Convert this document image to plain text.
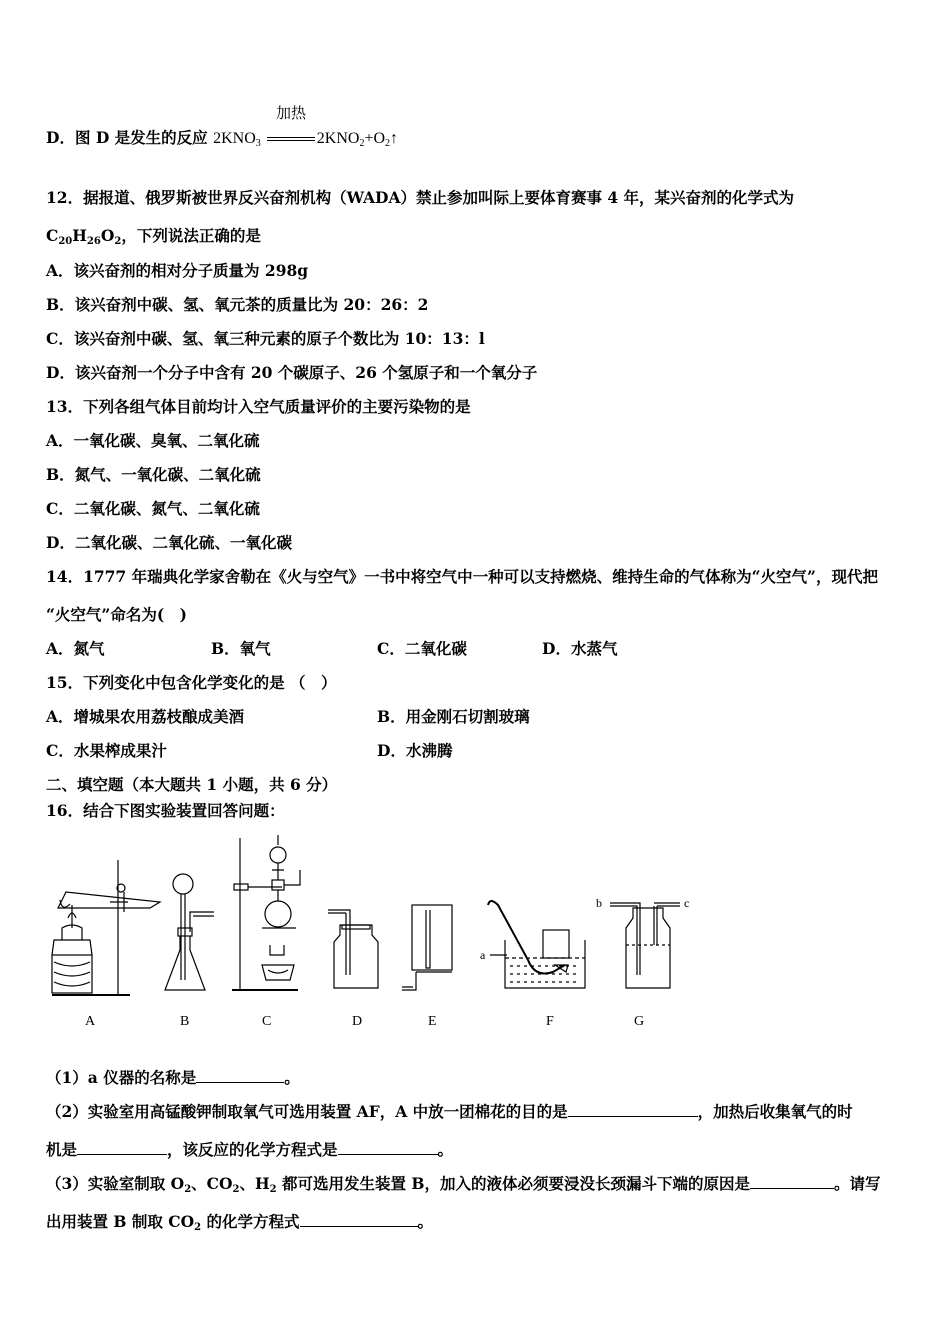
D．图 D 是发生的反应 $2KNO_3$	$2KNO_2+O_2↑$
加热
12．据报道、俄罗斯被世界反兴奋剂机构（WADA）禁止参加叫际上要体育赛事 4 年，某兴奋剂的化学式为
$C_{20}H_{26}O_2$，下列说法正确的是
A．该兴奋剂的相对分子质量为 298g
B．该兴奋剂中碳、氢、氧元茶的质量比为 20：26：2
C．该兴奋剂中碳、氢、氧三种元素的原子个数比为 10：13：l
D．该兴奋剂一个分子中含有 20 个碳原子、26 个氢原子和一个氧分子
13．下列各组气体目前均计入空气质量评价的主要污染物的是
A．一氧化碳、臭氧、二氧化硫
B．氮气、一氧化碳、二氧化硫
C．二氧化碳、氮气、二氧化硫
D．二氧化碳、二氧化硫、一氧化碳
14．1777 年瑞典化学家舍勒在《火与空气》一书中将空气中一种可以支持燃烧、维持生命的气体称为“火空气”，现代把
“火空气”命名为(　)
A．氮气	B．氧气	C．二氧化碳	D．水蒸气
15．下列变化中包含化学变化的是 （　）
A．增城果农用荔枝酿成美酒	B．用金刚石切割玻璃
C．水果榨成果汁	D．水沸腾
二、填空题（本大题共 1 小题，共 6 分）
16．结合下图实验装置回答问题：
a
b	c
A	B	C	D	E	F	G
（1）a 仪器的名称是	。
（2）实验室用高锰酸钾制取氧气可选用装置 AF，A 中放一团棉花的目的是	，加热后收集氧气的时
机是	，该反应的化学方程式是	。
（3）实验室制取 $O_2$、$CO_2$、$H_2$ 都可选用发生装置 B，加入的液体必须要浸没长颈漏斗下端的原因是	。请写
出用装置 B 制取 $CO_2$ 的化学方程式	。
